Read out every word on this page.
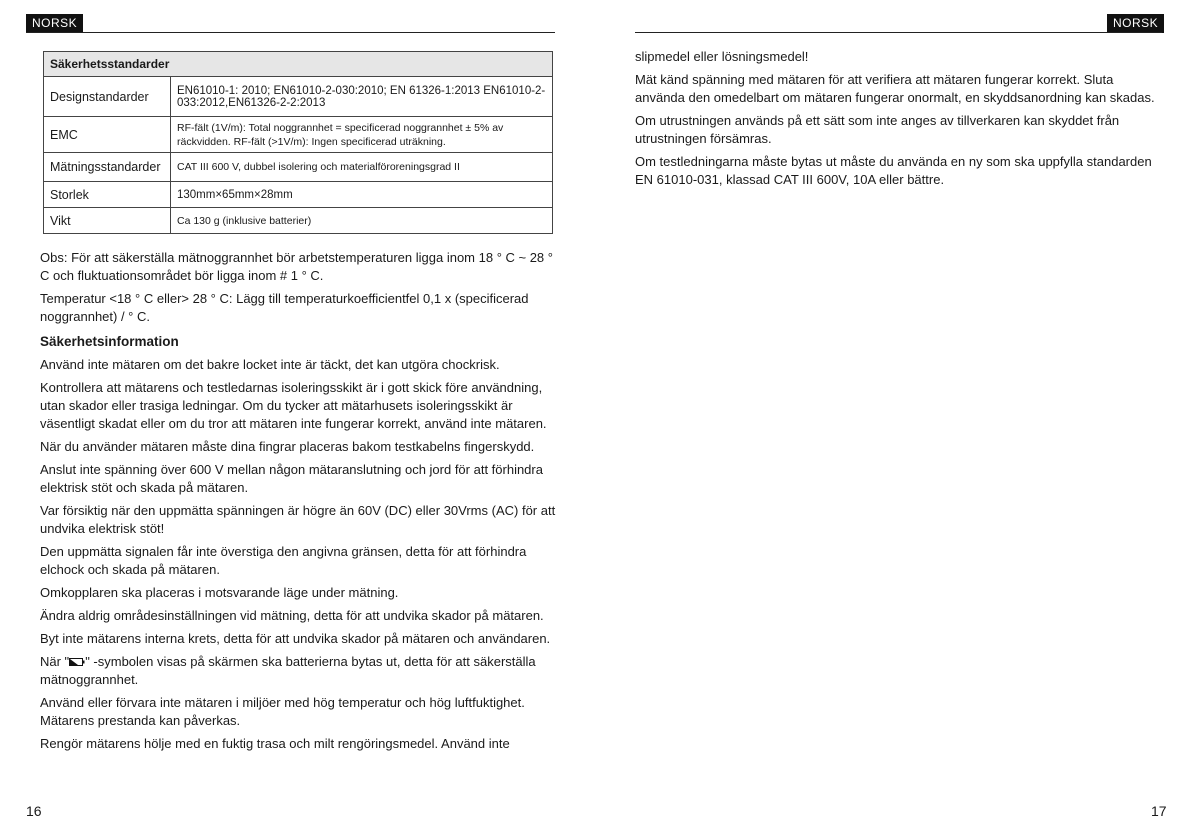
NORSK	NORSK
Säkerhetsstandarder	
Designstandarder	EN61010-1: 2010; EN61010-2-030:2010; EN 61326-1:2013 EN61010-2-033:2012,EN61326-2-2:2013
EMC	RF-fält (1V/m): Total noggrannhet = specificerad noggrannhet ± 5% av räckvidden. RF-fält (>1V/m): Ingen specificerad uträkning.
Mätningsstandarder	CAT III 600 V, dubbel isolering och materialföroreningsgrad II
Storlek	130mm×65mm×28mm
Vikt	Ca 130 g (inklusive batterier)

Obs: För att säkerställa mätnoggrannhet bör arbetstemperaturen ligga inom 18 ° C ~ 28 ° C och fluktuationsområdet bör ligga inom # 1 ° C.

Temperatur <18 ° C eller> 28 ° C: Lägg till temperaturkoefficientfel 0,1 x (specificerad noggrannhet) / ° C.

Säkerhetsinformation

Använd inte mätaren om det bakre locket inte är täckt, det kan utgöra chockrisk.

Kontrollera att mätarens och testledarnas isoleringsskikt är i gott skick före användning, utan skador eller trasiga ledningar. Om du tycker att mätarhusets isoleringsskikt är väsentligt skadat eller om du tror att mätaren inte fungerar korrekt, använd inte mätaren.

När du använder mätaren måste dina fingrar placeras bakom testkabelns fingerskydd.

Anslut inte spänning över 600 V mellan någon mätaranslutning och jord för att förhindra elektrisk stöt och skada på mätaren.

Var försiktig när den uppmätta spänningen är högre än 60V (DC) eller 30Vrms (AC) för att undvika elektrisk stöt!

Den uppmätta signalen får inte överstiga den angivna gränsen, detta för att förhindra elchock och skada på mätaren.

Omkopplaren ska placeras i motsvarande läge under mätning.

Ändra aldrig områdesinställningen vid mätning, detta för att undvika skador på mätaren.

Byt inte mätarens interna krets, detta för att undvika skador på mätaren och användaren.

När " " -symbolen visas på skärmen ska batterierna bytas ut, detta för att säkerställa mätnoggrannhet.

Använd eller förvara inte mätaren i miljöer med hög temperatur och hög luftfuktighet. Mätarens prestanda kan påverkas.

Rengör mätarens hölje med en fuktig trasa och milt rengöringsmedel. Använd inte

16

slipmedel eller lösningsmedel!

Mät känd spänning med mätaren för att verifiera att mätaren fungerar korrekt. Sluta använda den omedelbart om mätaren fungerar onormalt, en skyddsanordning kan skadas.

Om utrustningen används på ett sätt som inte anges av tillverkaren kan skyddet från utrustningen försämras.

Om testledningarna måste bytas ut måste du använda en ny som ska uppfylla standarden EN 61010-031, klassad CAT III 600V, 10A eller bättre.

17
